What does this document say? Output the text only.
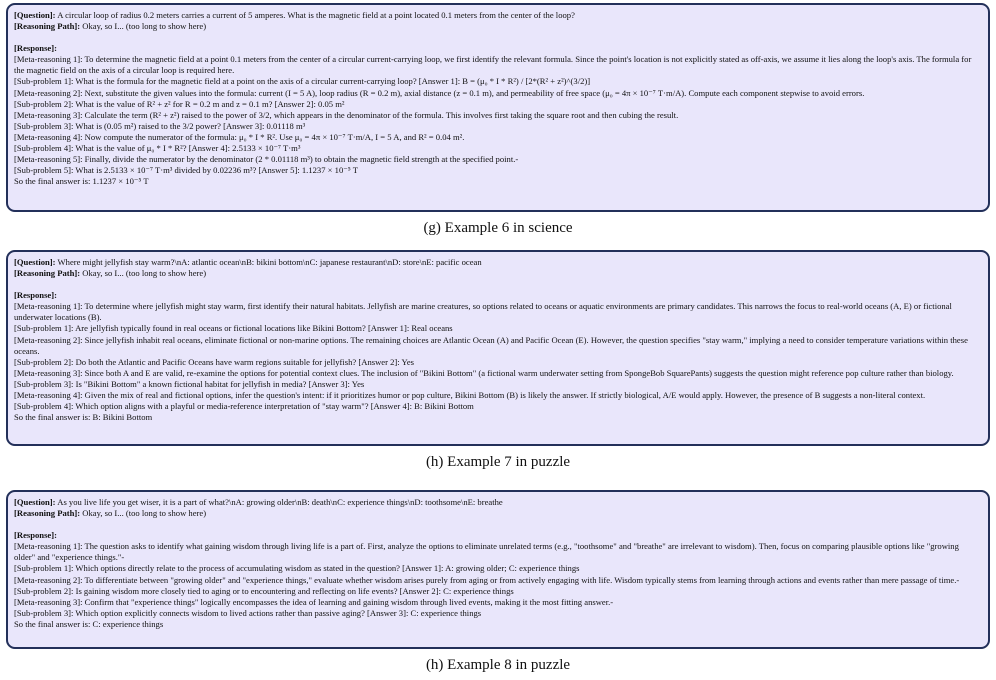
[Question]: A circular loop of radius 0.2 meters carries a current of 5 amperes. What is the magnetic field at a point located 0.1 meters from the center of the loop?
[Reasoning Path]: Okay, so I... (too long to show here)
[Response]:
[Meta-reasoning 1]: To determine the magnetic field at a point 0.1 meters from the center of a circular current-carrying loop, we first identify the relevant formula. Since the point's location is not explicitly stated as off-axis, we assume it lies along the loop's axis. The formula for the magnetic field on the axis of a circular loop is required here.
[Sub-problem 1]: What is the formula for the magnetic field at a point on the axis of a circular current-carrying loop? [Answer 1]: B = (μ₀ * I * R²) / [2*(R² + z²)^(3/2)]
[Meta-reasoning 2]: Next, substitute the given values into the formula: current (I = 5 A), loop radius (R = 0.2 m), axial distance (z = 0.1 m), and permeability of free space (μ₀ = 4π × 10⁻⁷ T·m/A). Compute each component stepwise to avoid errors.
[Sub-problem 2]: What is the value of R² + z² for R = 0.2 m and z = 0.1 m? [Answer 2]: 0.05 m²
[Meta-reasoning 3]: Calculate the term (R² + z²) raised to the power of 3/2, which appears in the denominator of the formula. This involves first taking the square root and then cubing the result.
[Sub-problem 3]: What is (0.05 m²) raised to the 3/2 power? [Answer 3]: 0.01118 m³
[Meta-reasoning 4]: Now compute the numerator of the formula: μ₀ * I * R². Use μ₀ = 4π × 10⁻⁷ T·m/A, I = 5 A, and R² = 0.04 m².
[Sub-problem 4]: What is the value of μ₀ * I * R²? [Answer 4]: 2.5133 × 10⁻⁷ T·m³
[Meta-reasoning 5]: Finally, divide the numerator by the denominator (2 * 0.01118 m³) to obtain the magnetic field strength at the specified point.-
[Sub-problem 5]: What is 2.5133 × 10⁻⁷ T·m³ divided by 0.02236 m³? [Answer 5]: 1.1237 × 10⁻⁵ T
So the final answer is: 1.1237 × 10⁻⁵ T
(g) Example 6 in science
[Question]: Where might jellyfish stay warm?\nA: atlantic ocean\nB: bikini bottom\nC: japanese restaurant\nD: store\nE: pacific ocean
[Reasoning Path]: Okay, so I... (too long to show here)
[Response]:
[Meta-reasoning 1]: To determine where jellyfish might stay warm, first identify their natural habitats. Jellyfish are marine creatures, so options related to oceans or aquatic environments are primary candidates. This narrows the focus to real-world oceans (A, E) or fictional underwater locations (B).
[Sub-problem 1]: Are jellyfish typically found in real oceans or fictional locations like Bikini Bottom? [Answer 1]: Real oceans
[Meta-reasoning 2]: Since jellyfish inhabit real oceans, eliminate fictional or non-marine options. The remaining choices are Atlantic Ocean (A) and Pacific Ocean (E). However, the question specifies "stay warm," implying a need to consider temperature variations within these oceans.
[Sub-problem 2]: Do both the Atlantic and Pacific Oceans have warm regions suitable for jellyfish? [Answer 2]: Yes
[Meta-reasoning 3]: Since both A and E are valid, re-examine the options for potential context clues. The inclusion of "Bikini Bottom" (a fictional warm underwater setting from SpongeBob SquarePants) suggests the question might reference pop culture rather than biology.
[Sub-problem 3]: Is "Bikini Bottom" a known fictional habitat for jellyfish in media? [Answer 3]: Yes
[Meta-reasoning 4]: Given the mix of real and fictional options, infer the question's intent: if it prioritizes humor or pop culture, Bikini Bottom (B) is likely the answer. If strictly biological, A/E would apply. However, the presence of B suggests a non-literal context.
[Sub-problem 4]: Which option aligns with a playful or media-reference interpretation of "stay warm"? [Answer 4]: B: Bikini Bottom
So the final answer is: B: Bikini Bottom
(h) Example 7 in puzzle
[Question]: As you live life you get wiser, it is a part of what?\nA: growing older\nB: death\nC: experience things\nD: toothsome\nE: breathe
[Reasoning Path]: Okay, so I... (too long to show here)
[Response]:
[Meta-reasoning 1]: The question asks to identify what gaining wisdom through living life is a part of. First, analyze the options to eliminate unrelated terms (e.g., "toothsome" and "breathe" are irrelevant to wisdom). Then, focus on comparing plausible options like "growing older" and "experience things."-
[Sub-problem 1]: Which options directly relate to the process of accumulating wisdom as stated in the question? [Answer 1]: A: growing older; C: experience things
[Meta-reasoning 2]: To differentiate between "growing older" and "experience things," evaluate whether wisdom arises purely from aging or from actively engaging with life. Wisdom typically stems from learning through actions and events rather than mere passage of time.-
[Sub-problem 2]: Is gaining wisdom more closely tied to aging or to encountering and reflecting on life events? [Answer 2]: C: experience things
[Meta-reasoning 3]: Confirm that "experience things" logically encompasses the idea of learning and gaining wisdom through lived events, making it the most fitting answer.-
[Sub-problem 3]: Which option explicitly connects wisdom to lived actions rather than passive aging? [Answer 3]: C: experience things
So the final answer is: C: experience things
(h) Example 8 in puzzle
